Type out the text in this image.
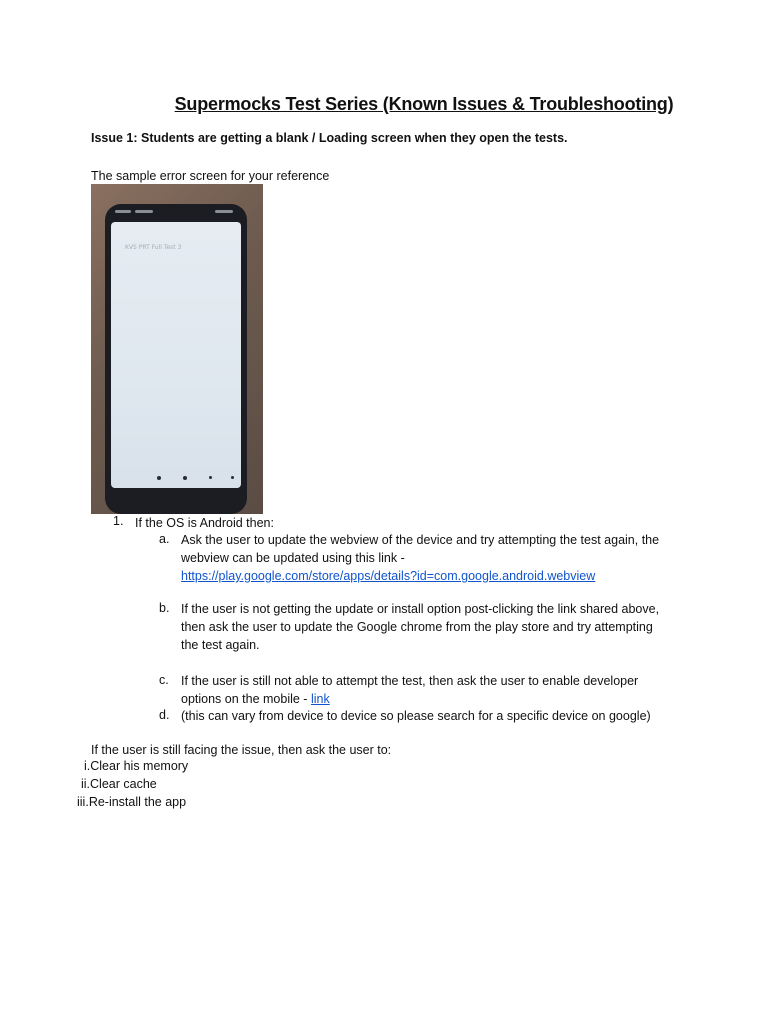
Supermocks Test Series (Known Issues & Troubleshooting)
Issue 1: Students are getting a blank / Loading screen when they open the tests.
The sample error screen for your reference
KVS PRT Full Test 3
1. If the OS is Android then:
a. Ask the user to update the webview of the device and try attempting the test again, the webview can be updated using this link -
https://play.google.com/store/apps/details?id=com.google.android.webview
b. If the user is not getting the update or install option post-clicking the link shared above, then ask the user to update the Google chrome from the play store and try attempting the test again.
c. If the user is still not able to attempt the test, then ask the user to enable developer options on the mobile - link
d. (this can vary from device to device so please search for a specific device on google)
If the user is still facing the issue, then ask the user to:
i.Clear his memory
ii.Clear cache
iii.Re-install the app
